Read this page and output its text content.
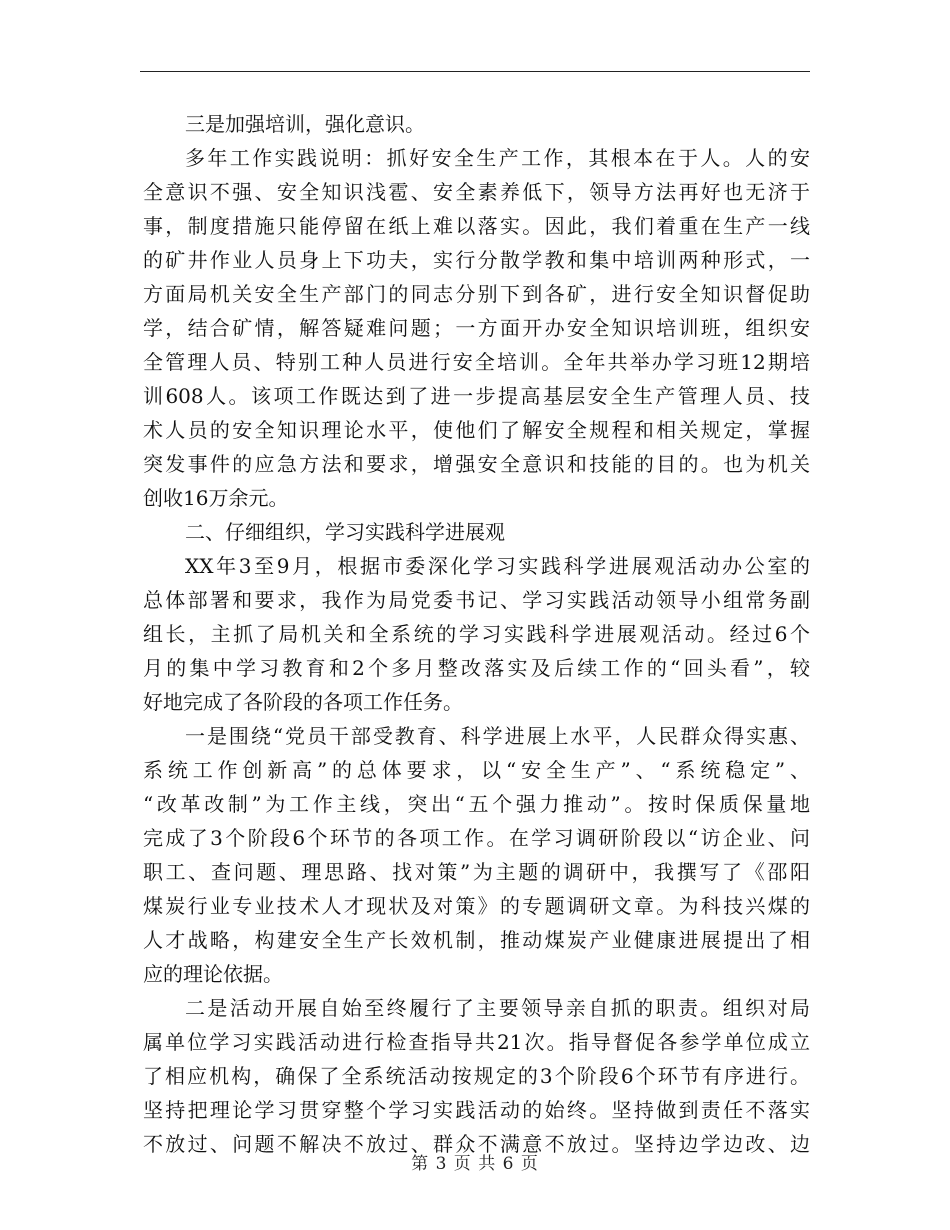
三是加强培训，强化意识。
多年工作实践说明：抓好安全生产工作，其根本在于人。人的安
全意识不强、安全知识浅雹、安全素养低下，领导方法再好也无济于
事，制度措施只能停留在纸上难以落实。因此，我们着重在生产一线
的矿井作业人员身上下功夫，实行分散学教和集中培训两种形式，一
方面局机关安全生产部门的同志分别下到各矿，进行安全知识督促助
学，结合矿情，解答疑难问题；一方面开办安全知识培训班，组织安
全管理人员、特别工种人员进行安全培训。全年共举办学习班12期培
训608人。该项工作既达到了进一步提高基层安全生产管理人员、技
术人员的安全知识理论水平，使他们了解安全规程和相关规定，掌握
突发事件的应急方法和要求，增强安全意识和技能的目的。也为机关
创收16万余元。
二、仔细组织，学习实践科学进展观
XX年3至9月，根据市委深化学习实践科学进展观活动办公室的
总体部署和要求，我作为局党委书记、学习实践活动领导小组常务副
组长，主抓了局机关和全系统的学习实践科学进展观活动。经过6个
月的集中学习教育和2个多月整改落实及后续工作的“回头看”，较
好地完成了各阶段的各项工作任务。
一是围绕“党员干部受教育、科学进展上水平，人民群众得实惠、
系统工作创新高”的总体要求，以“安全生产”、“系统稳定”、
“改革改制”为工作主线，突出“五个强力推动”。按时保质保量地
完成了3个阶段6个环节的各项工作。在学习调研阶段以“访企业、问
职工、查问题、理思路、找对策”为主题的调研中，我撰写了《邵阳
煤炭行业专业技术人才现状及对策》的专题调研文章。为科技兴煤的
人才战略，构建安全生产长效机制，推动煤炭产业健康进展提出了相
应的理论依据。
二是活动开展自始至终履行了主要领导亲自抓的职责。组织对局
属单位学习实践活动进行检查指导共21次。指导督促各参学单位成立
了相应机构，确保了全系统活动按规定的3个阶段6个环节有序进行。
坚持把理论学习贯穿整个学习实践活动的始终。坚持做到责任不落实
不放过、问题不解决不放过、群众不满意不放过。坚持边学边改、边
第 3 页 共 6 页
